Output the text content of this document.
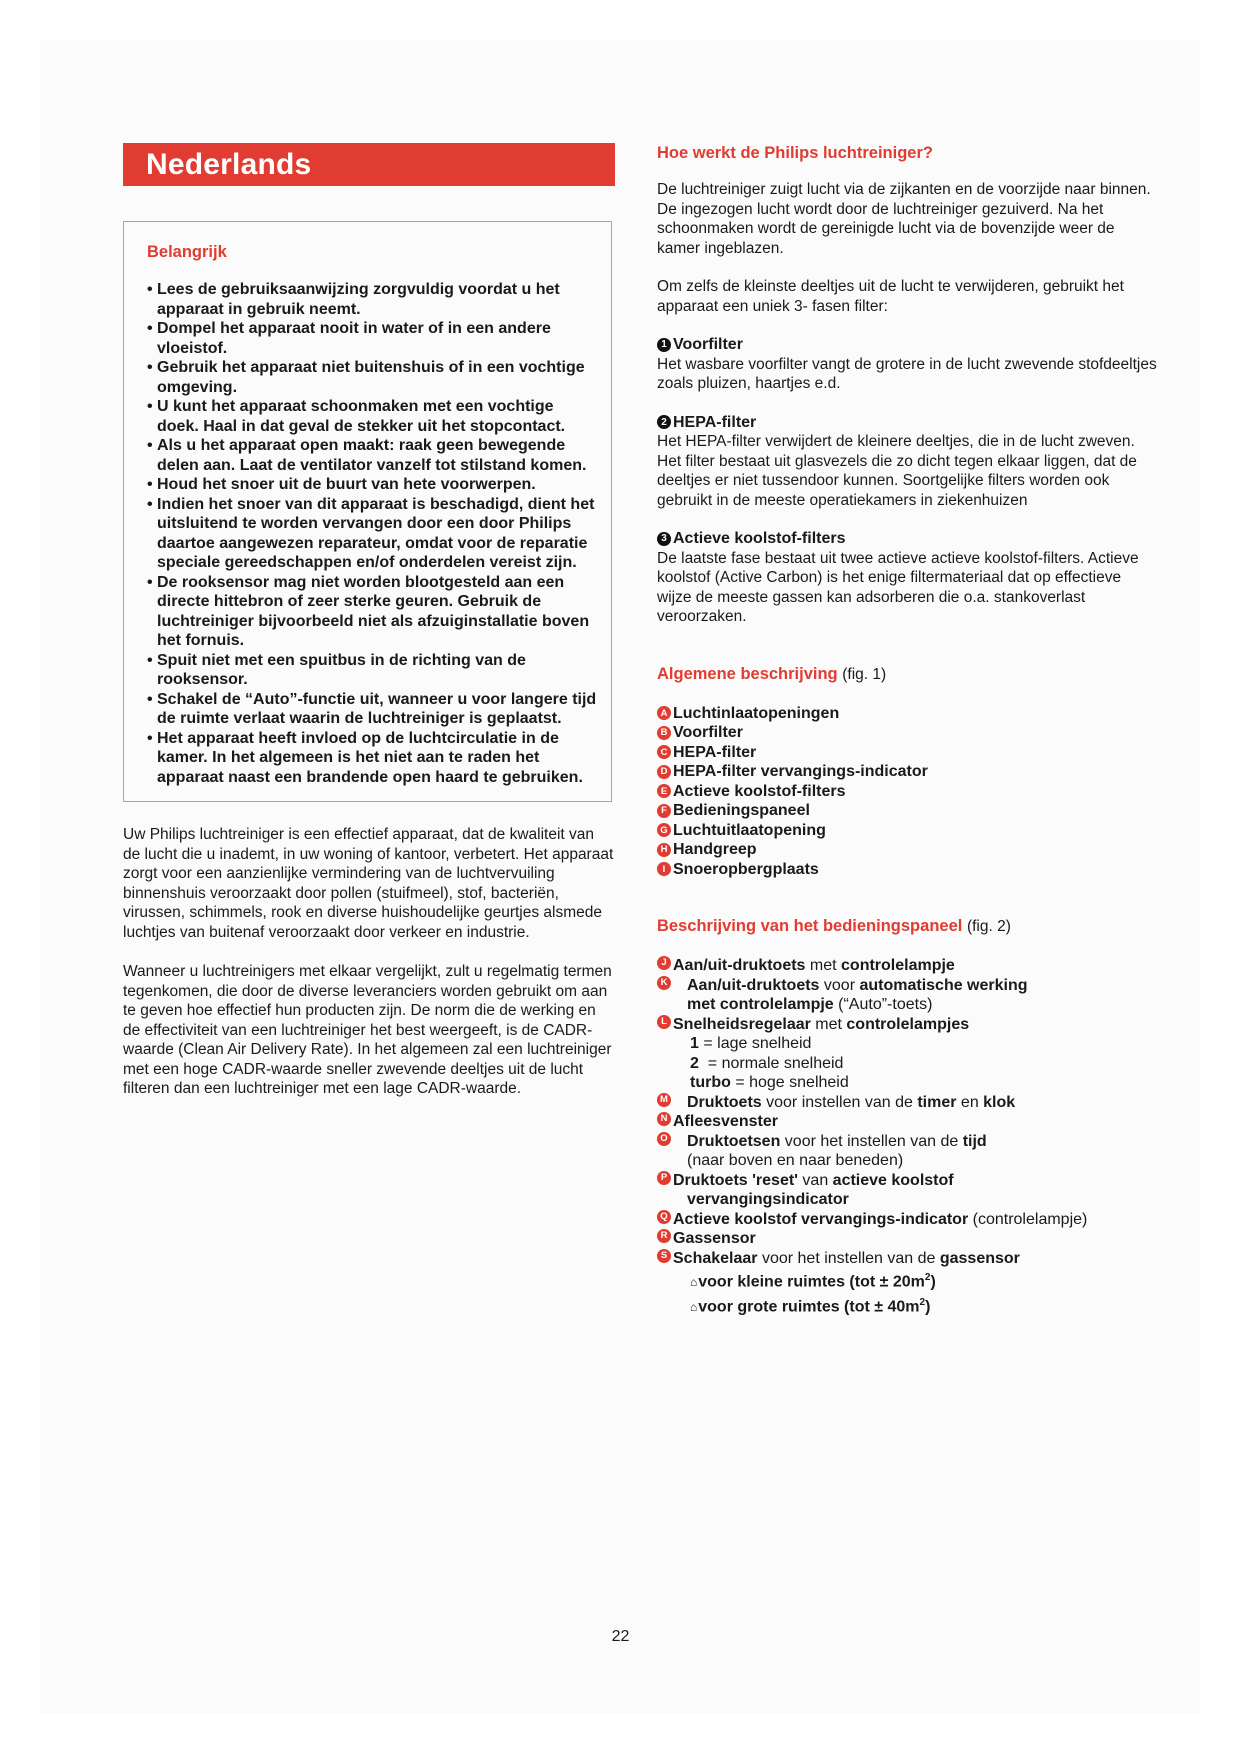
Nederlands
Belangrijk
• Lees de gebruiksaanwijzing zorgvuldig voordat u het apparaat in gebruik neemt.
• Dompel het apparaat nooit in water of in een andere vloeistof.
• Gebruik het apparaat niet buitenshuis of in een vochtige omgeving.
• U kunt het apparaat schoonmaken met een vochtige doek. Haal in dat geval de stekker uit het stopcontact.
• Als u het apparaat open maakt: raak geen bewegende delen aan. Laat de ventilator vanzelf tot stilstand komen.
• Houd het snoer uit de buurt van hete voorwerpen.
• Indien het snoer van dit apparaat is beschadigd, dient het uitsluitend te worden vervangen door een door Philips daartoe aangewezen reparateur, omdat voor de reparatie speciale gereedschappen en/of onderdelen vereist zijn.
• De rooksensor mag niet worden blootgesteld aan een directe hittebron of zeer sterke geuren. Gebruik de luchtreiniger bijvoorbeeld niet als afzuiginstallatie boven het fornuis.
• Spuit niet met een spuitbus in de richting van de rooksensor.
• Schakel de “Auto”-functie uit, wanneer u voor langere tijd de ruimte verlaat waarin de luchtreiniger is geplaatst.
• Het apparaat heeft invloed op de luchtcirculatie in de kamer. In het algemeen is het niet aan te raden het apparaat naast een brandende open haard te gebruiken.

Uw Philips luchtreiniger is een effectief apparaat, dat de kwaliteit van de lucht die u inademt, in uw woning of kantoor, verbetert. Het apparaat zorgt voor een aanzienlijke vermindering van de luchtvervuiling binnenshuis veroorzaakt door pollen (stuifmeel), stof, bacteriën, virussen, schimmels, rook en diverse huishoudelijke geurtjes alsmede luchtjes van buitenaf veroorzaakt door verkeer en industrie.

Wanneer u luchtreinigers met elkaar vergelijkt, zult u regelmatig termen tegenkomen, die door de diverse leveranciers worden gebruikt om aan te geven hoe effectief hun producten zijn. De norm die de werking en de effectiviteit van een luchtreiniger het best weergeeft, is de CADR-waarde (Clean Air Delivery Rate). In het algemeen zal een luchtreiniger met een hoge CADR-waarde sneller zwevende deeltjes uit de lucht filteren dan een luchtreiniger met een lage CADR-waarde.

Hoe werkt de Philips luchtreiniger?

De luchtreiniger zuigt lucht via de zijkanten en de voorzijde naar binnen. De ingezogen lucht wordt door de luchtreiniger gezuiverd. Na het schoonmaken wordt de gereinigde lucht via de bovenzijde weer de kamer ingeblazen.

Om zelfs de kleinste deeltjes uit de lucht te verwijderen, gebruikt het apparaat een uniek 3- fasen filter:

1 Voorfilter

Het wasbare voorfilter vangt de grotere in de lucht zwevende stofdeeltjes zoals pluizen, haartjes e.d.

2 HEPA-filter

Het HEPA-filter verwijdert de kleinere deeltjes, die in de lucht zweven.

Het filter bestaat uit glasvezels die zo dicht tegen elkaar liggen, dat de deeltjes er niet tussendoor kunnen. Soortgelijke filters worden ook gebruikt in de meeste operatiekamers in ziekenhuizen

3 Actieve koolstof-filters

De laatste fase bestaat uit twee actieve actieve koolstof-filters. Actieve koolstof (Active Carbon) is het enige filtermateriaal dat op effectieve wijze de meeste gassen kan adsorberen die o.a. stankoverlast veroorzaken.

Algemene beschrijving (fig. 1)
A Luchtinlaatopeningen
B Voorfilter
C HEPA-filter
D HEPA-filter vervangings-indicator
E Actieve koolstof-filters
F Bedieningspaneel
G Luchtuitlaatopening
H Handgreep
I Snoeropbergplaats
Beschrijving van het bedieningspaneel (fig. 2)
J Aan/uit-druktoets met controlelampje
K	Aan/uit-druktoets voor automatische werking
met controlelampje (“Auto”-toets)
L Snelheidsregelaar met controlelampjes
1 = lage snelheid
2  = normale snelheid
turbo = hoge snelheid
M	Druktoets voor instellen van de timer en klok
N Afleesvenster
O	Druktoetsen voor het instellen van de tijd
(naar boven en naar beneden)
P Druktoets 'reset' van actieve koolstof
vervangingsindicator
Q Actieve koolstof vervangings-indicator (controlelampje)
R Gassensor
S Schakelaar voor het instellen van de gassensor
⌂voor kleine ruimtes $(tot \pm 20m^2)$
⌂voor grote ruimtes $(tot \pm 40m^2)$
22
